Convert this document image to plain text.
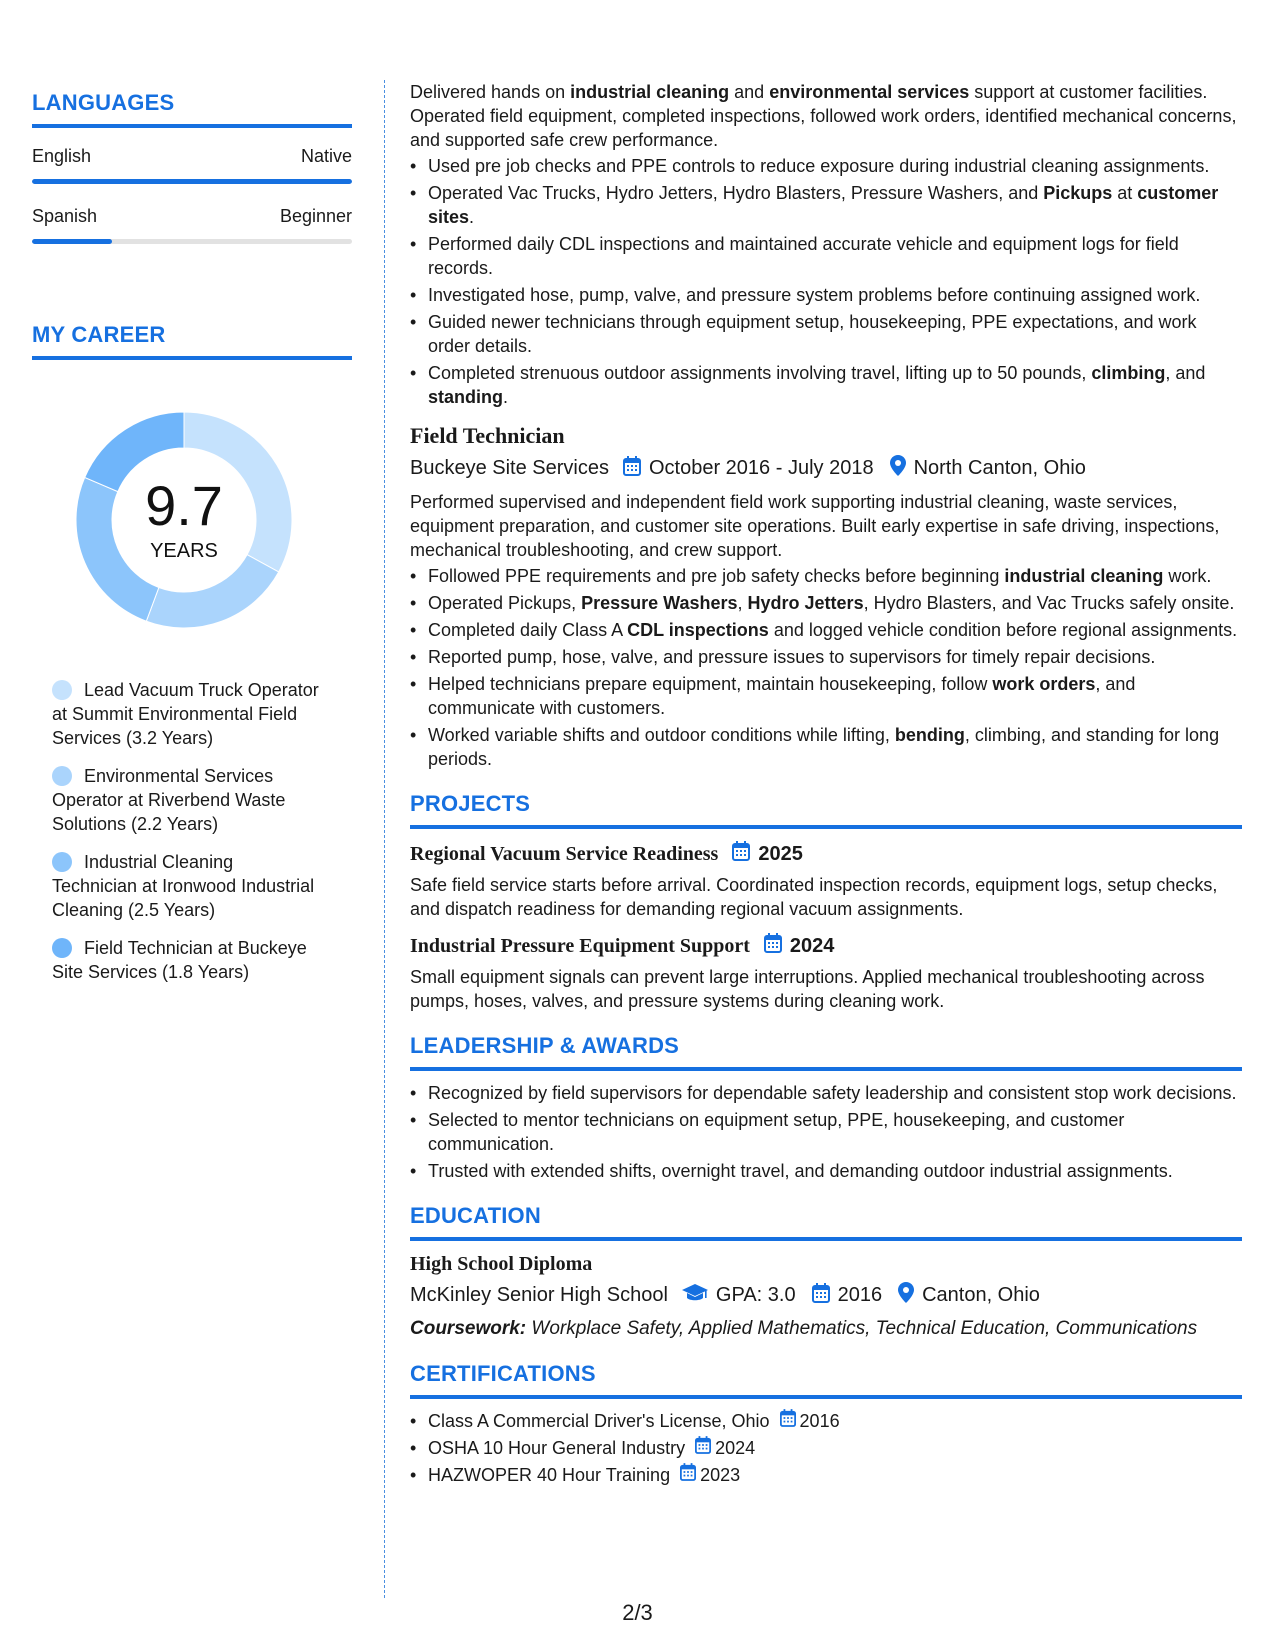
LANGUAGES
English	Native
Spanish	Beginner
MY CAREER
9.7
YEARS
Lead Vacuum Truck Operator at Summit Environmental Field Services (3.2 Years)
Environmental Services Operator at Riverbend Waste Solutions (2.2 Years)
Industrial Cleaning Technician at Ironwood Industrial Cleaning (2.5 Years)
Field Technician at Buckeye Site Services (1.8 Years)

Delivered hands on industrial cleaning and environmental services support at customer facilities. Operated field equipment, completed inspections, followed work orders, identified mechanical concerns, and supported safe crew performance.

• Used pre job checks and PPE controls to reduce exposure during industrial cleaning assignments.
• Operated Vac Trucks, Hydro Jetters, Hydro Blasters, Pressure Washers, and Pickups at customer sites.
• Performed daily CDL inspections and maintained accurate vehicle and equipment logs for field records.
• Investigated hose, pump, valve, and pressure system problems before continuing assigned work.
• Guided newer technicians through equipment setup, housekeeping, PPE expectations, and work order details.
• Completed strenuous outdoor assignments involving travel, lifting up to 50 pounds, climbing, and standing.
Field Technician
Buckeye Site Services October 2016 - July 2018 North Canton, Ohio

Performed supervised and independent field work supporting industrial cleaning, waste services, equipment preparation, and customer site operations. Built early expertise in safe driving, inspections, mechanical troubleshooting, and crew support.

• Followed PPE requirements and pre job safety checks before beginning industrial cleaning work.
• Operated Pickups, Pressure Washers, Hydro Jetters, Hydro Blasters, and Vac Trucks safely onsite.
• Completed daily Class A CDL inspections and logged vehicle condition before regional assignments.
• Reported pump, hose, valve, and pressure issues to supervisors for timely repair decisions.
• Helped technicians prepare equipment, maintain housekeeping, follow work orders, and communicate with customers.
• Worked variable shifts and outdoor conditions while lifting, bending, climbing, and standing for long periods.
PROJECTS
Regional Vacuum Service Readiness 2025

Safe field service starts before arrival. Coordinated inspection records, equipment logs, setup checks, and dispatch readiness for demanding regional vacuum assignments.

Industrial Pressure Equipment Support 2024

Small equipment signals can prevent large interruptions. Applied mechanical troubleshooting across pumps, hoses, valves, and pressure systems during cleaning work.

LEADERSHIP & AWARDS
• Recognized by field supervisors for dependable safety leadership and consistent stop work decisions.
• Selected to mentor technicians on equipment setup, PPE, housekeeping, and customer communication.
• Trusted with extended shifts, overnight travel, and demanding outdoor industrial assignments.
EDUCATION
High School Diploma
McKinley Senior High School GPA: 3.0 2016 Canton, Ohio
Coursework: Workplace Safety, Applied Mathematics, Technical Education, Communications
CERTIFICATIONS
• Class A Commercial Driver's License, Ohio 2016
• OSHA 10 Hour General Industry 2024
• HAZWOPER 40 Hour Training 2023
2/3
